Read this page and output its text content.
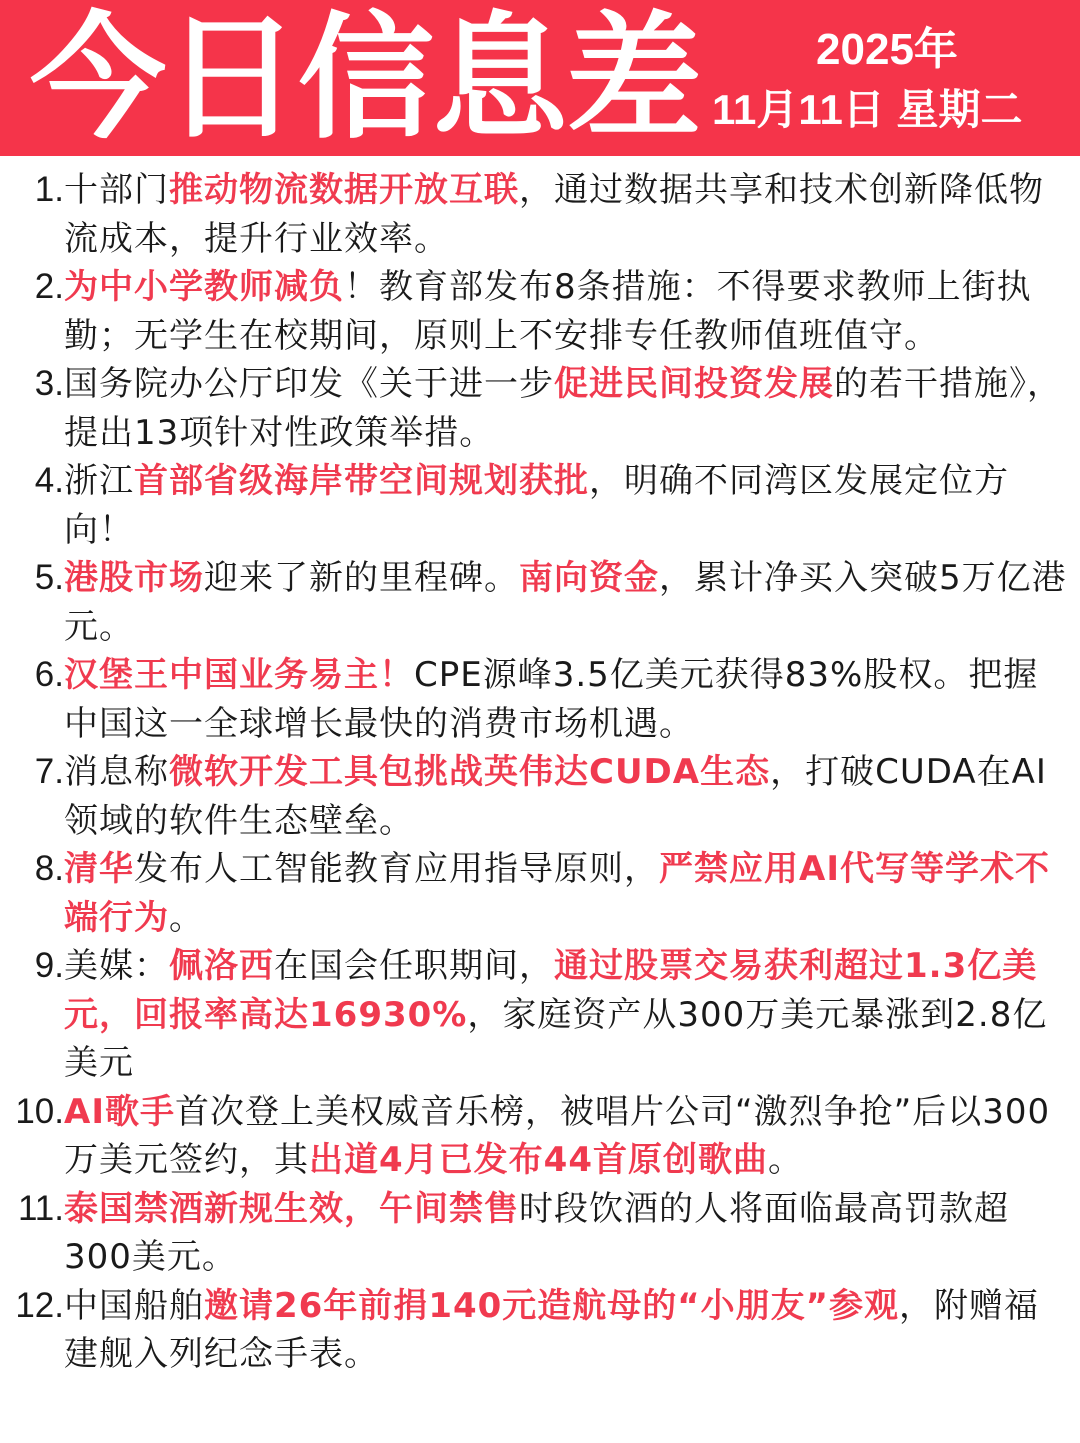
今日信息差	2025年
11月11日 星期二
1. 十部门推动物流数据开放互联，通过数据共享和技术创新降低物流成本，提升行业效率。
2. 为中小学教师减负！教育部发布8条措施：不得要求教师上街执勤；无学生在校期间，原则上不安排专任教师值班值守。
3. 国务院办公厅印发《关于进一步促进民间投资发展的若干措施》，提出13项针对性政策举措。
4. 浙江首部省级海岸带空间规划获批，明确不同湾区发展定位方向！
5. 港股市场迎来了新的里程碑。南向资金，累计净买入突破5万亿港元。
6. 汉堡王中国业务易主！CPE源峰3.5亿美元获得83%股权。把握中国这一全球增长最快的消费市场机遇。
7. 消息称微软开发工具包挑战英伟达CUDA生态，打破CUDA在AI领域的软件生态壁垒。
8. 清华发布人工智能教育应用指导原则，严禁应用AI代写等学术不端行为。
9. 美媒：佩洛西在国会任职期间，通过股票交易获利超过1.3亿美元，回报率高达16930%，家庭资产从300万美元暴涨到2.8亿美元
10. AI歌手首次登上美权威音乐榜，被唱片公司“激烈争抢”后以300万美元签约，其出道4月已发布44首原创歌曲。
11. 泰国禁酒新规生效，午间禁售时段饮酒的人将面临最高罚款超300美元。
12. 中国船舶邀请26年前捐140元造航母的“小朋友”参观，附赠福建舰入列纪念手表。
